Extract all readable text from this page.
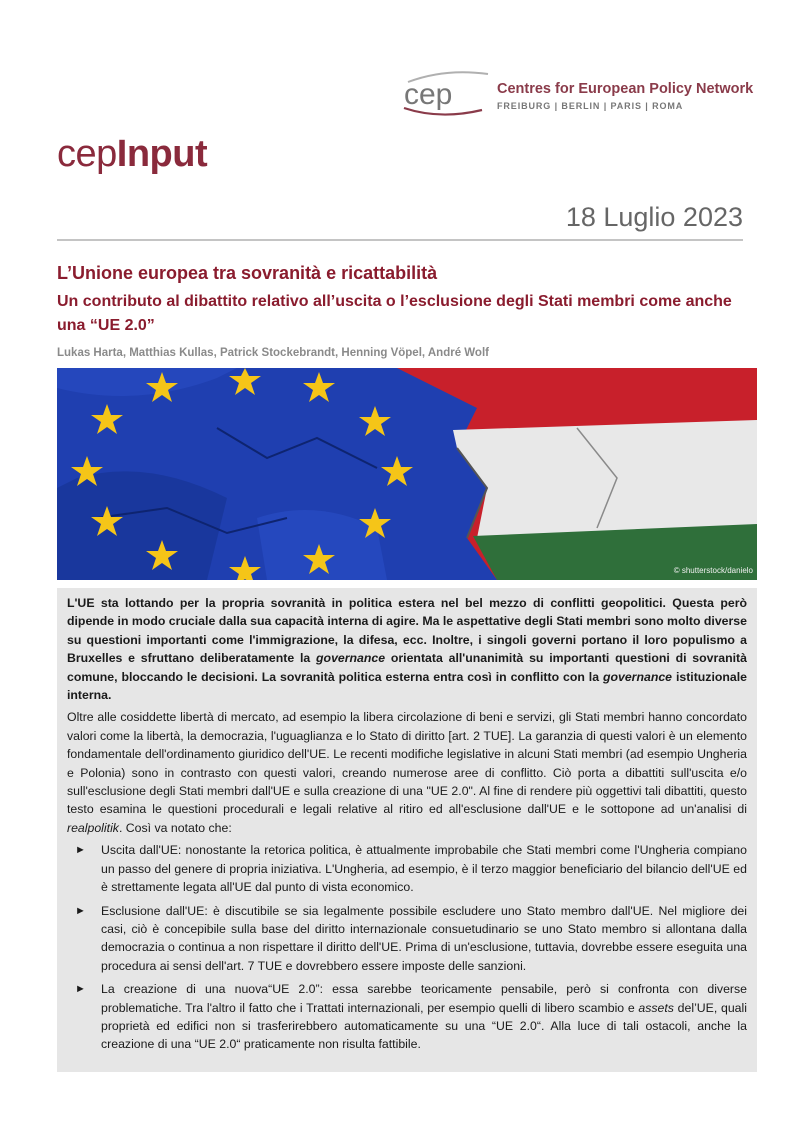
cep	Centres for European Policy Network
FREIBURG | BERLIN | PARIS | ROMA
cepInput
18 Luglio 2023
L’Unione europea tra sovranità e ricattabilità
Un contributo al dibattito relativo all’uscita o l’esclusione degli Stati membri come anche una “UE 2.0”
Lukas Harta, Matthias Kullas, Patrick Stockebrandt, Henning Vöpel, André Wolf
© shutterstock/danielo

L'UE sta lottando per la propria sovranità in politica estera nel bel mezzo di conflitti geopolitici. Questa però dipende in modo cruciale dalla sua capacità interna di agire. Ma le aspettative degli Stati membri sono molto diverse su questioni importanti come l'immigrazione, la difesa, ecc. Inoltre, i singoli governi portano il loro populismo a Bruxelles e sfruttano deliberatamente la governance orientata all'unanimità su importanti questioni di sovranità comune, bloccando le decisioni. La sovranità politica esterna entra così in conflitto con la governance istituzionale interna.

Oltre alle cosiddette libertà di mercato, ad esempio la libera circolazione di beni e servizi, gli Stati membri hanno concordato valori come la libertà, la democrazia, l'uguaglianza e lo Stato di diritto [art. 2 TUE]. La garanzia di questi valori è un elemento fondamentale dell'ordinamento giuridico dell'UE. Le recenti modifiche legislative in alcuni Stati membri (ad esempio Ungheria e Polonia) sono in contrasto con questi valori, creando numerose aree di conflitto. Ciò porta a dibattiti sull'uscita e/o sull'esclusione degli Stati membri dall'UE e sulla creazione di una "UE 2.0". Al fine di rendere più oggettivi tali dibattiti, questo testo esamina le questioni procedurali e legali relative al ritiro ed all'esclusione dall'UE e le sottopone ad un'analisi di realpolitik. Così va notato che:

► Uscita dall'UE: nonostante la retorica politica, è attualmente improbabile che Stati membri come l'Ungheria compiano un passo del genere di propria iniziativa. L'Ungheria, ad esempio, è il terzo maggior beneficiario del bilancio dell'UE ed è strettamente legata all'UE dal punto di vista economico.
► Esclusione dall'UE: è discutibile se sia legalmente possibile escludere uno Stato membro dall'UE. Nel migliore dei casi, ciò è concepibile sulla base del diritto internazionale consuetudinario se uno Stato membro si allontana dalla democrazia o continua a non rispettare il diritto dell'UE. Prima di un'esclusione, tuttavia, dovrebbe essere eseguita una procedura ai sensi dell'art. 7 TUE e dovrebbero essere imposte delle sanzioni.
► La creazione di una nuova“UE 2.0”: essa sarebbe teoricamente pensabile, però si confronta con diverse problematiche. Tra l'altro il fatto che i Trattati internazionali, per esempio quelli di libero scambio e assets del’UE, quali proprietà ed edifici non si trasferirebbero automaticamente su una “UE 2.0“. Alla luce di tali ostacoli, anche la creazione di una “UE 2.0“ praticamente non risulta fattibile.
